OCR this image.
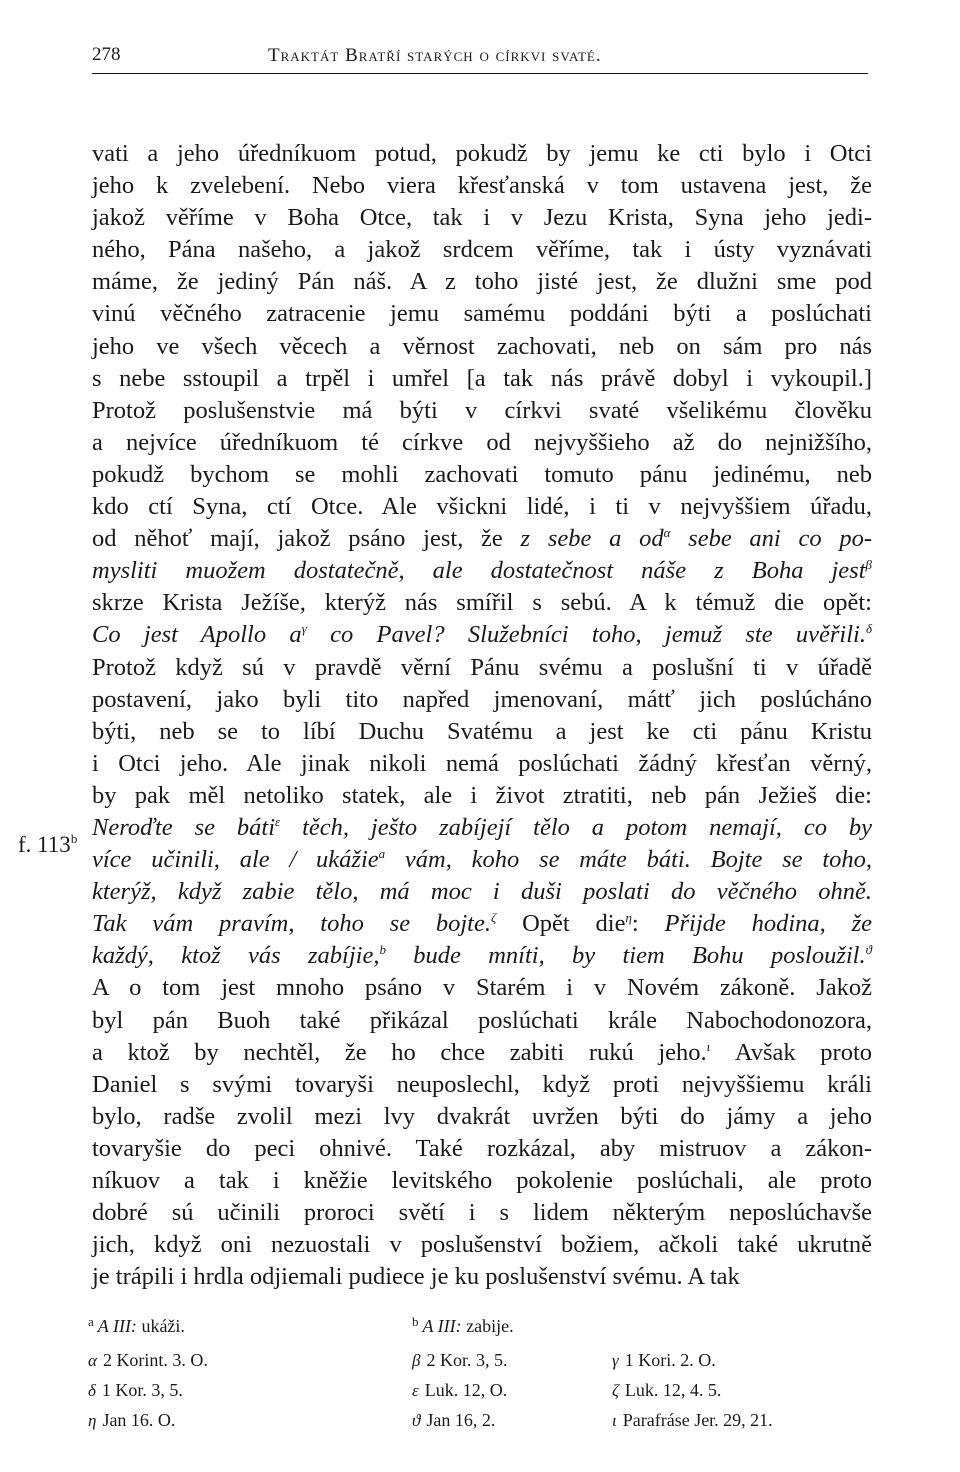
278	Traktát Bratří starých o církvi svaté.
f. 113$^b$
vati a jeho úředníkuom potud, pokudž by jemu ke cti bylo i Otci
jeho k zvelebení. Nebo viera křesťanská v tom ustavena jest, že
jakož věříme v Boha Otce, tak i v Jezu Krista, Syna jeho jedi-
ného, Pána našeho, a jakož srdcem věříme, tak i ústy vyznávati
máme, že jediný Pán náš. A z toho jisté jest, že dlužni sme pod
vinú věčného zatracenie jemu samému poddáni býti a poslúchati
jeho ve všech věcech a věrnost zachovati, neb on sám pro nás
s nebe sstoupil a trpěl i umřel [a tak nás právě dobyl i vykoupil.]
Protož poslušenstvie má býti v církvi svaté všelikému člověku
a nejvíce úředníkuom té církve od nejvyššieho až do nejnižšího,
pokudž bychom se mohli zachovati tomuto pánu jedinému, neb
kdo ctí Syna, ctí Otce. Ale všickni lidé, i ti v nejvyššiem úřadu,
od něhoť mají, jakož psáno jest, že z sebe a $od^\alpha$ sebe ani co po-
mysliti muožem dostatečně, ale dostatečnost náše z Boha jest$^\beta$
skrze Krista Ježíše, kterýž nás smířil s sebú. A k témuž die opět:
Co jest Apollo $a^\gamma$ co Pavel? Služebníci toho, jemuž ste uvěřili.$^\delta$
Protož když sú v pravdě věrní Pánu svému a poslušní ti v úřadě
postavení, jako byli tito napřed jmenovaní, mátť jich poslúcháno
býti, neb se to líbí Duchu Svatému a jest ke cti pánu Kristu
i Otci jeho. Ale jinak nikoli nemá poslúchati žádný křesťan věrný,
by pak měl netoliko statek, ale i život ztratiti, neb pán Ježieš die:
Neroďte se báti$^\varepsilon$ těch, ješto zabíjejí tělo a potom nemají, co by
více učinili, ale / ukážie$^a$ vám, koho se máte báti. Bojte se toho,
kterýž, když zabie tělo, má moc i duši poslati do věčného ohně.
Tak vám pravím, toho se bojte.$^\zeta$ Opět die$^\eta$: Přijde hodina, že
každý, ktož vás zabíjie,$^b$ bude mníti, by tiem Bohu posloužil.$^ϑ$
A o tom jest mnoho psáno v Starém i v Novém zákoně. Jakož
byl pán Buoh také přikázal poslúchati krále Nabochodonozora,
a ktož by nechtěl, že ho chce zabiti rukú jeho.$^\iota$ Avšak proto
Daniel s svými tovaryši neuposlechl, když proti nejvyššiemu králi
bylo, radše zvolil mezi lvy dvakrát uvržen býti do jámy a jeho
tovaryšie do peci ohnivé. Také rozkázal, aby mistruov a zákon-
níkuov a tak i kněžie levitského pokolenie poslúchali, ale proto
dobré sú učinili proroci světí i s lidem některým neposlúchavše
jich, když oni nezuostali v poslušenství božiem, ačkoli také ukrutně
je trápili i hrdla odjiemali pudiece je ku poslušenství svému. A tak
$^a$ A III: ukáži.	$^b$ A III: zabije.
α 2 Korint. 3. O.	β 2 Kor. 3, 5.	γ 1 Kori. 2. O.
δ 1 Kor. 3, 5.	ε Luk. 12, O.	ζ Luk. 12, 4. 5.
η Jan 16. O.	ϑ Jan 16, 2.	ι Parafráse Jer. 29, 21.
